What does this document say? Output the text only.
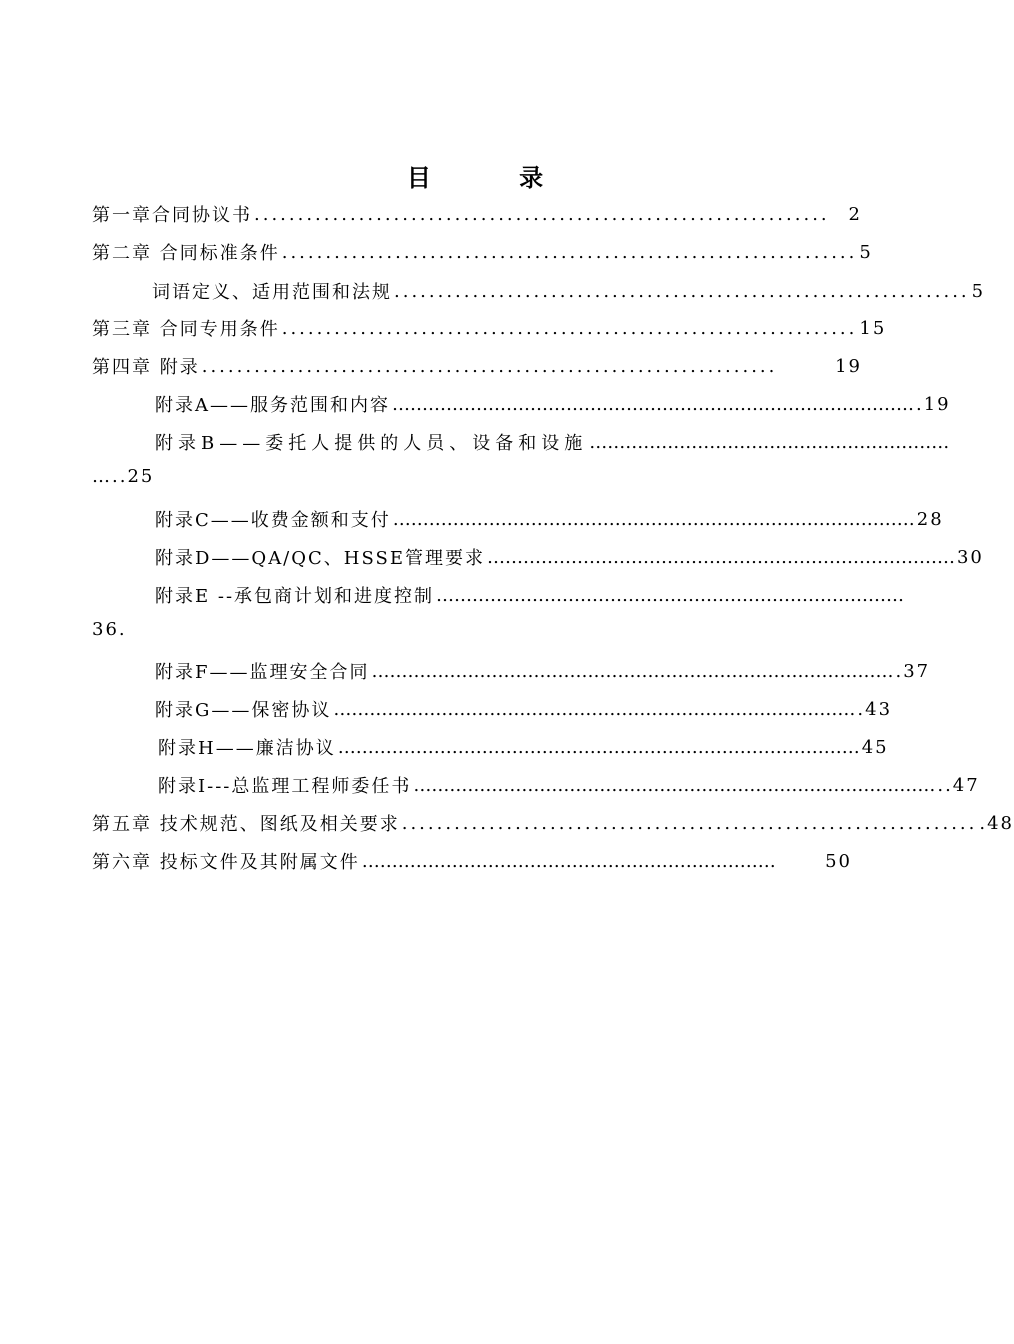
目 录
第一章合同协议书 ..................................................................	2
第二章 合同标准条件 .................................................................. 5
词语定义、适用范围和法规 .................................................................. 5
第三章 合同专用条件 .................................................................. 15
第四章 附录 ..................................................................	19
附录A——服务范围和内容 …………………………………………………………………………… .19
附录B——委托人提供的人员、设备和设施 ……………………………………………………
…..25
附录C——收费金额和支付 …………………………………………………………………………… 28
附录D——QA/QC、HSSE管理要求 …………………………………………………………………… 30
附录E --承包商计划和进度控制 ……………………………………………………………………
36.
附录F——监理安全合同 …………………………………………………………………………… .37
附录G——保密协议 …………………………………………………………………………… .43
附录H——廉洁协议 …………………………………………………………………………… 45
附录I---总监理工程师委任书 …………………………………………………………………………… ..47
第五章 技术规范、图纸及相关要求 .................................................................. .48
第六章 投标文件及其附属文件 ……………………………………………………………	50
